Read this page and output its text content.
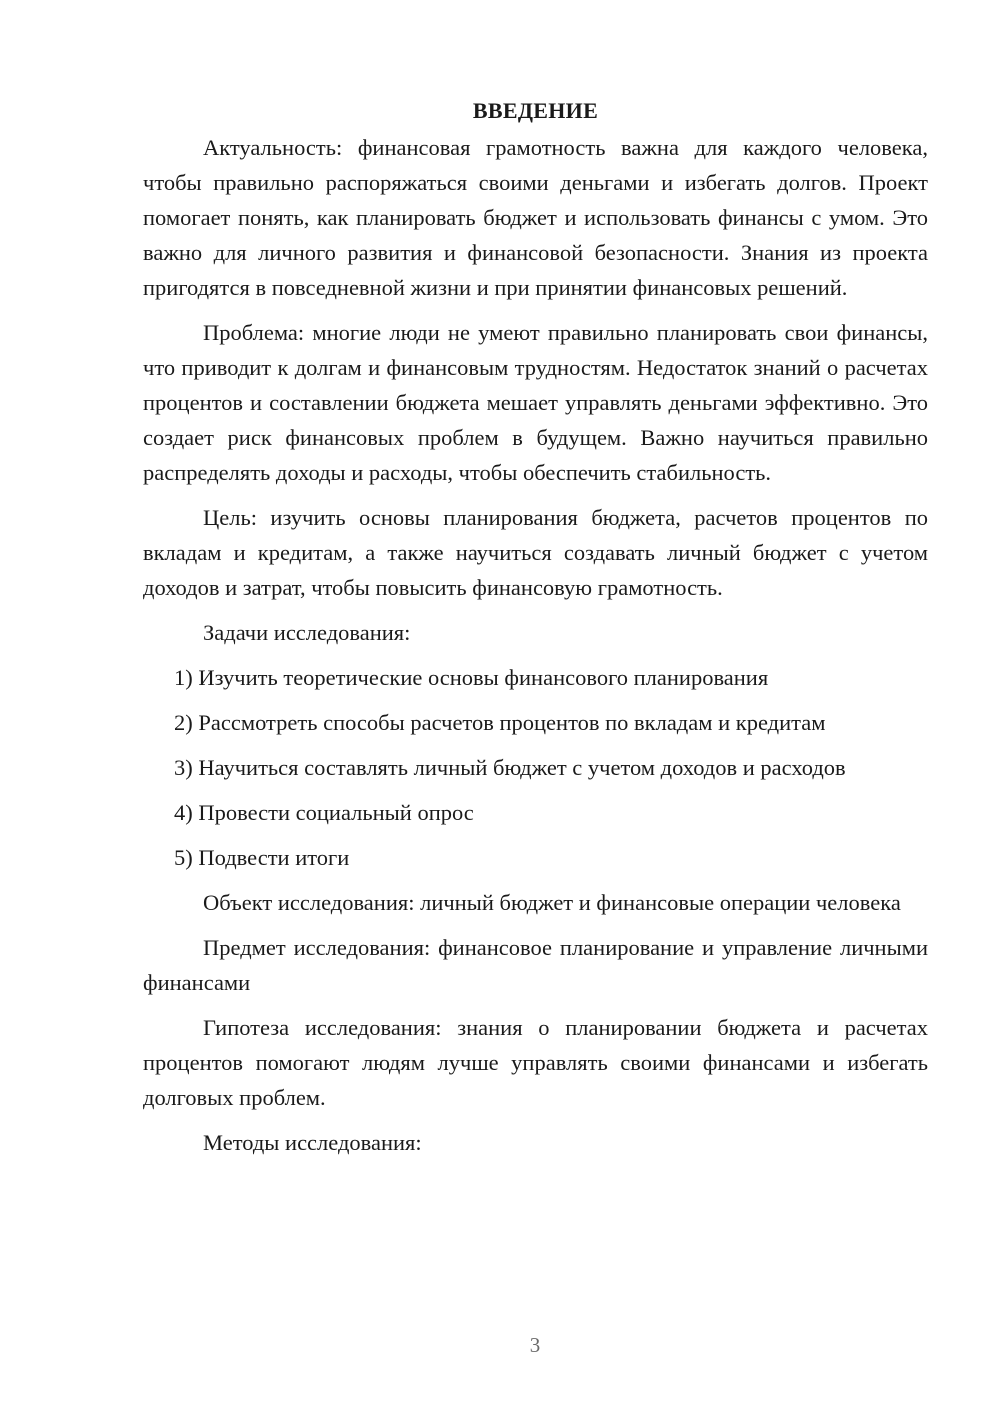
ВВЕДЕНИЕ

Актуальность: финансовая грамотность важна для каждого человека, чтобы правильно распоряжаться своими деньгами и избегать долгов. Проект помогает понять, как планировать бюджет и использовать финансы с умом. Это важно для личного развития и финансовой безопасности. Знания из проекта пригодятся в повседневной жизни и при принятии финансовых решений.

Проблема: многие люди не умеют правильно планировать свои финансы, что приводит к долгам и финансовым трудностям. Недостаток знаний о расчетах процентов и составлении бюджета мешает управлять деньгами эффективно. Это создает риск финансовых проблем в будущем. Важно научиться правильно распределять доходы и расходы, чтобы обеспечить стабильность.

Цель: изучить основы планирования бюджета, расчетов процентов по вкладам и кредитам, а также научиться создавать личный бюджет с учетом доходов и затрат, чтобы повысить финансовую грамотность.

Задачи исследования:

1) Изучить теоретические основы финансового планирования
2) Рассмотреть способы расчетов процентов по вкладам и кредитам
3) Научиться составлять личный бюджет с учетом доходов и расходов
4) Провести социальный опрос
5) Подвести итоги

Объект исследования: личный бюджет и финансовые операции человека

Предмет исследования: финансовое планирование и управление личными финансами

Гипотеза исследования: знания о планировании бюджета и расчетах процентов помогают людям лучше управлять своими финансами и избегать долговых проблем.

Методы исследования:

3
